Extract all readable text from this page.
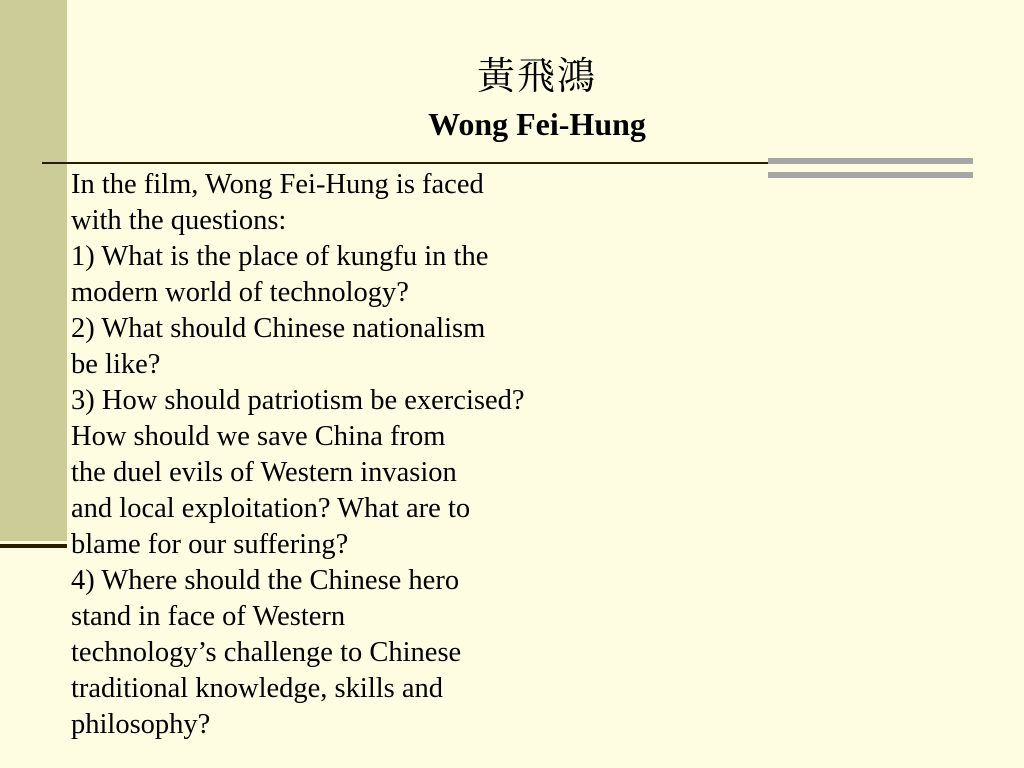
黃飛鴻
Wong Fei-Hung

In the film, Wong Fei-Hung is faced
with the questions:

1) What is the place of kungfu in the
modern world of technology?

2) What should Chinese nationalism
be like?

3) How should patriotism be exercised?
How should we save China from
the duel evils of Western invasion
and local exploitation? What are to
blame for our suffering?

4) Where should the Chinese hero
stand in face of Western
technology’s challenge to Chinese
traditional knowledge, skills and
philosophy?
